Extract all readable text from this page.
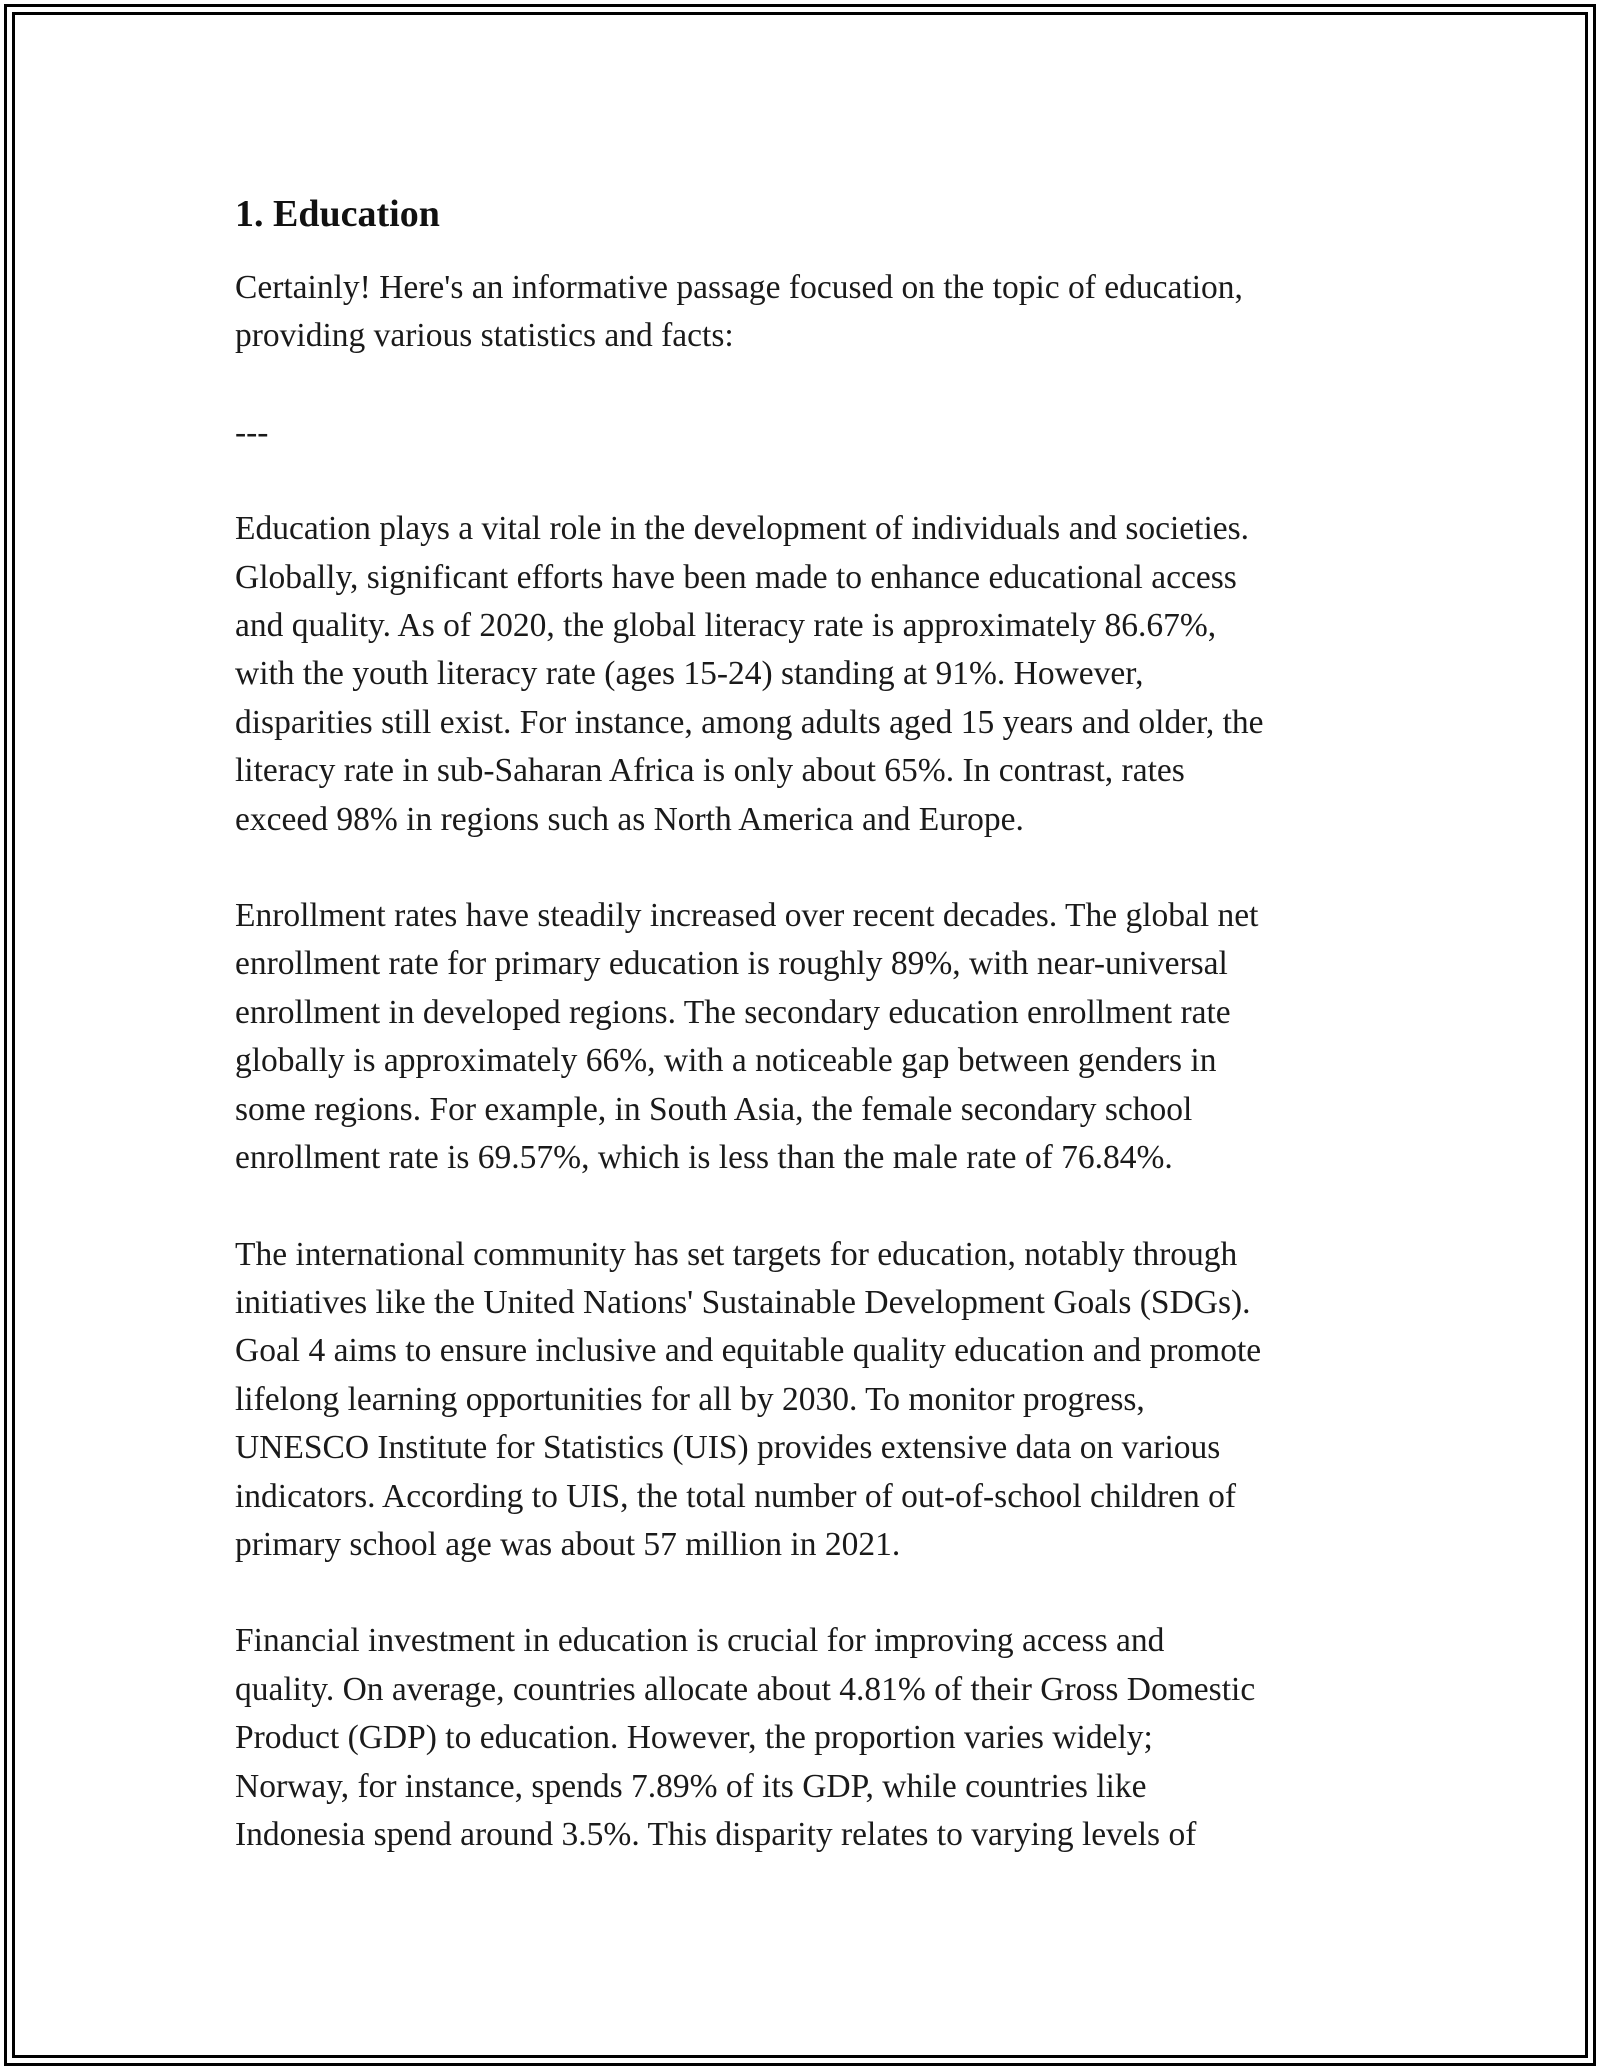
1. Education

Certainly! Here's an informative passage focused on the topic of education,
providing various statistics and facts:

---

Education plays a vital role in the development of individuals and societies.
Globally, significant efforts have been made to enhance educational access
and quality. As of 2020, the global literacy rate is approximately 86.67%,
with the youth literacy rate (ages 15-24) standing at 91%. However,
disparities still exist. For instance, among adults aged 15 years and older, the
literacy rate in sub-Saharan Africa is only about 65%. In contrast, rates
exceed 98% in regions such as North America and Europe.

Enrollment rates have steadily increased over recent decades. The global net
enrollment rate for primary education is roughly 89%, with near-universal
enrollment in developed regions. The secondary education enrollment rate
globally is approximately 66%, with a noticeable gap between genders in
some regions. For example, in South Asia, the female secondary school
enrollment rate is 69.57%, which is less than the male rate of 76.84%.

The international community has set targets for education, notably through
initiatives like the United Nations' Sustainable Development Goals (SDGs).
Goal 4 aims to ensure inclusive and equitable quality education and promote
lifelong learning opportunities for all by 2030. To monitor progress,
UNESCO Institute for Statistics (UIS) provides extensive data on various
indicators. According to UIS, the total number of out-of-school children of
primary school age was about 57 million in 2021.

Financial investment in education is crucial for improving access and
quality. On average, countries allocate about 4.81% of their Gross Domestic
Product (GDP) to education. However, the proportion varies widely;
Norway, for instance, spends 7.89% of its GDP, while countries like
Indonesia spend around 3.5%. This disparity relates to varying levels of
